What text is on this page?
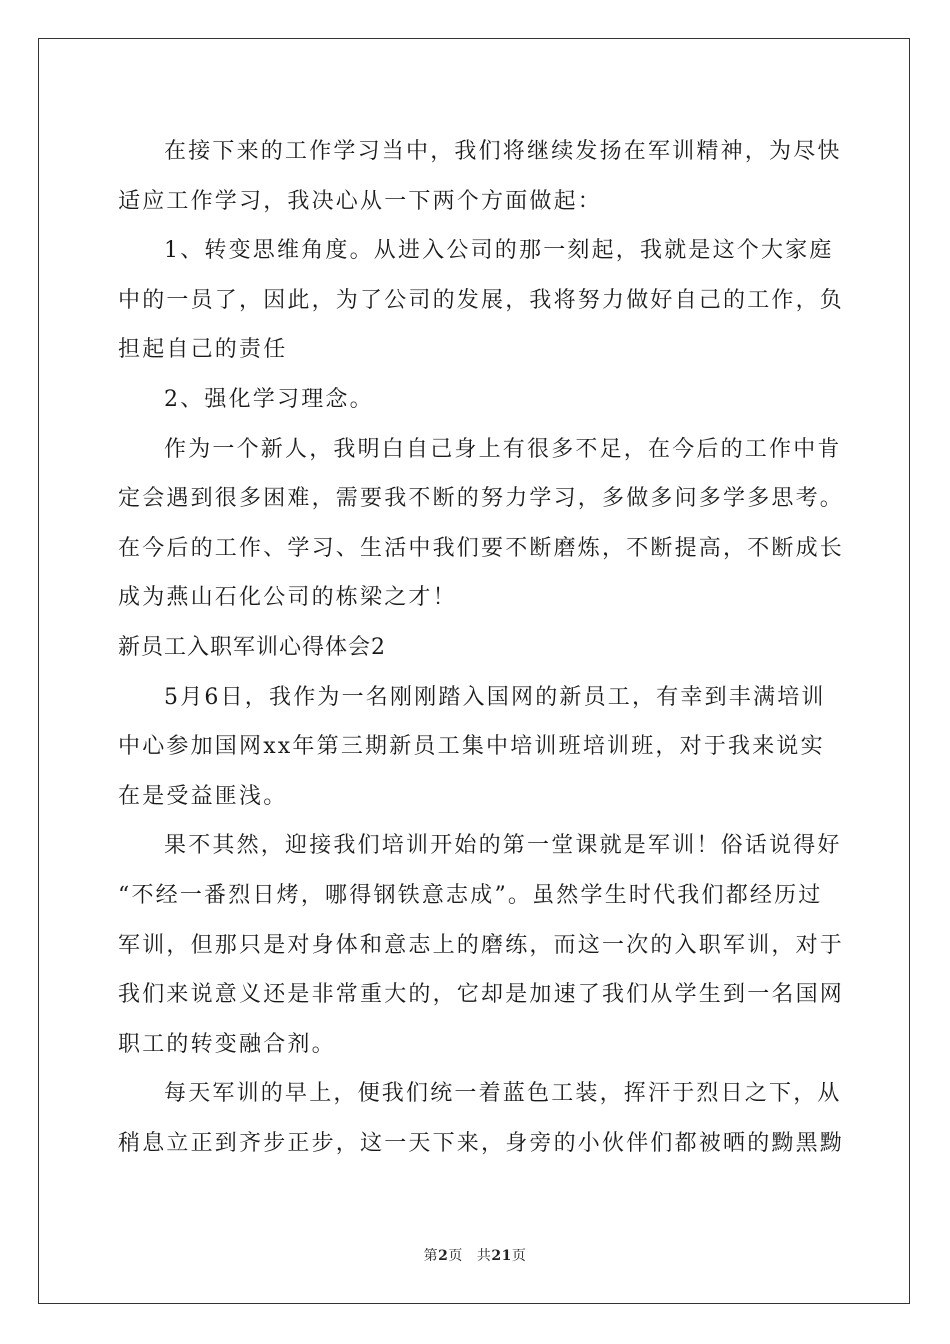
在接下来的工作学习当中，我们将继续发扬在军训精神，为尽快
适应工作学习，我决心从一下两个方面做起：
1、转变思维角度。从进入公司的那一刻起，我就是这个大家庭
中的一员了，因此，为了公司的发展，我将努力做好自己的工作，负
担起自己的责任
2、强化学习理念。
作为一个新人，我明白自己身上有很多不足，在今后的工作中肯
定会遇到很多困难，需要我不断的努力学习，多做多问多学多思考。
在今后的工作、学习、生活中我们要不断磨炼，不断提高，不断成长
成为燕山石化公司的栋梁之才！
新员工入职军训心得体会2
5月6日，我作为一名刚刚踏入国网的新员工，有幸到丰满培训
中心参加国网xx年第三期新员工集中培训班培训班，对于我来说实
在是受益匪浅。
果不其然，迎接我们培训开始的第一堂课就是军训！俗话说得好
“不经一番烈日烤，哪得钢铁意志成”。虽然学生时代我们都经历过
军训，但那只是对身体和意志上的磨练，而这一次的入职军训，对于
我们来说意义还是非常重大的，它却是加速了我们从学生到一名国网
职工的转变融合剂。
每天军训的早上，便我们统一着蓝色工装，挥汗于烈日之下，从
稍息立正到齐步正步，这一天下来，身旁的小伙伴们都被晒的黝黑黝
第2页 共21页
